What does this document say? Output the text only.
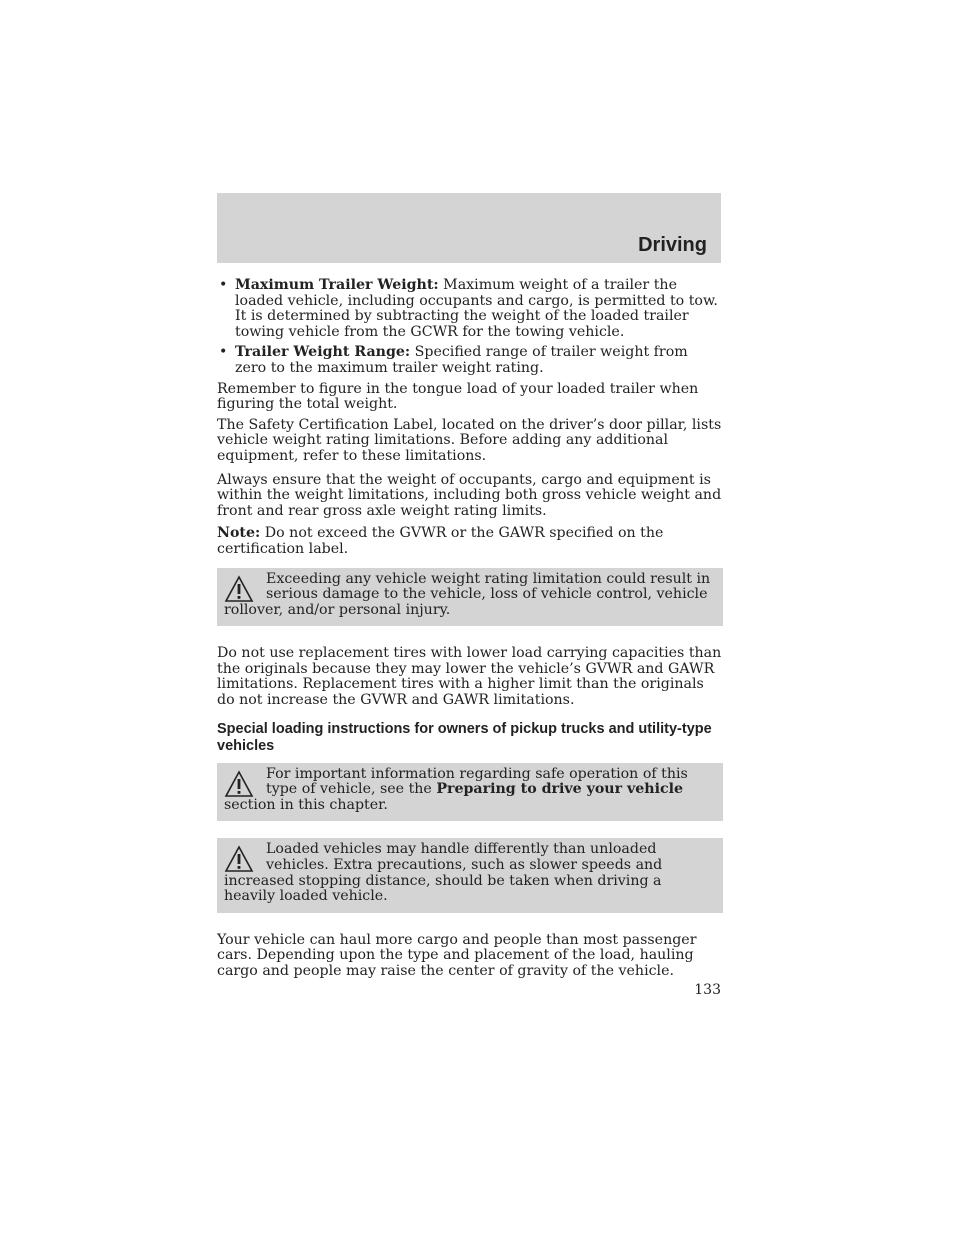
Driving
• Maximum Trailer Weight: Maximum weight of a trailer the loaded vehicle, including occupants and cargo, is permitted to tow. It is determined by subtracting the weight of the loaded trailer towing vehicle from the GCWR for the towing vehicle.
• Trailer Weight Range: Specified range of trailer weight from zero to the maximum trailer weight rating.

Remember to figure in the tongue load of your loaded trailer when figuring the total weight.

The Safety Certification Label, located on the driver’s door pillar, lists vehicle weight rating limitations. Before adding any additional equipment, refer to these limitations.

Always ensure that the weight of occupants, cargo and equipment is within the weight limitations, including both gross vehicle weight and front and rear gross axle weight rating limits.

Note: Do not exceed the GVWR or the GAWR specified on the certification label.

Exceeding any vehicle weight rating limitation could result in serious damage to the vehicle, loss of vehicle control, vehicle rollover, and/or personal injury.

Do not use replacement tires with lower load carrying capacities than the originals because they may lower the vehicle’s GVWR and GAWR limitations. Replacement tires with a higher limit than the originals do not increase the GVWR and GAWR limitations.

Special loading instructions for owners of pickup trucks and utility-type vehicles
For important information regarding safe operation of this type of vehicle, see the Preparing to drive your vehicle section in this chapter.
Loaded vehicles may handle differently than unloaded vehicles. Extra precautions, such as slower speeds and increased stopping distance, should be taken when driving a heavily loaded vehicle.

Your vehicle can haul more cargo and people than most passenger cars. Depending upon the type and placement of the load, hauling cargo and people may raise the center of gravity of the vehicle.

133
